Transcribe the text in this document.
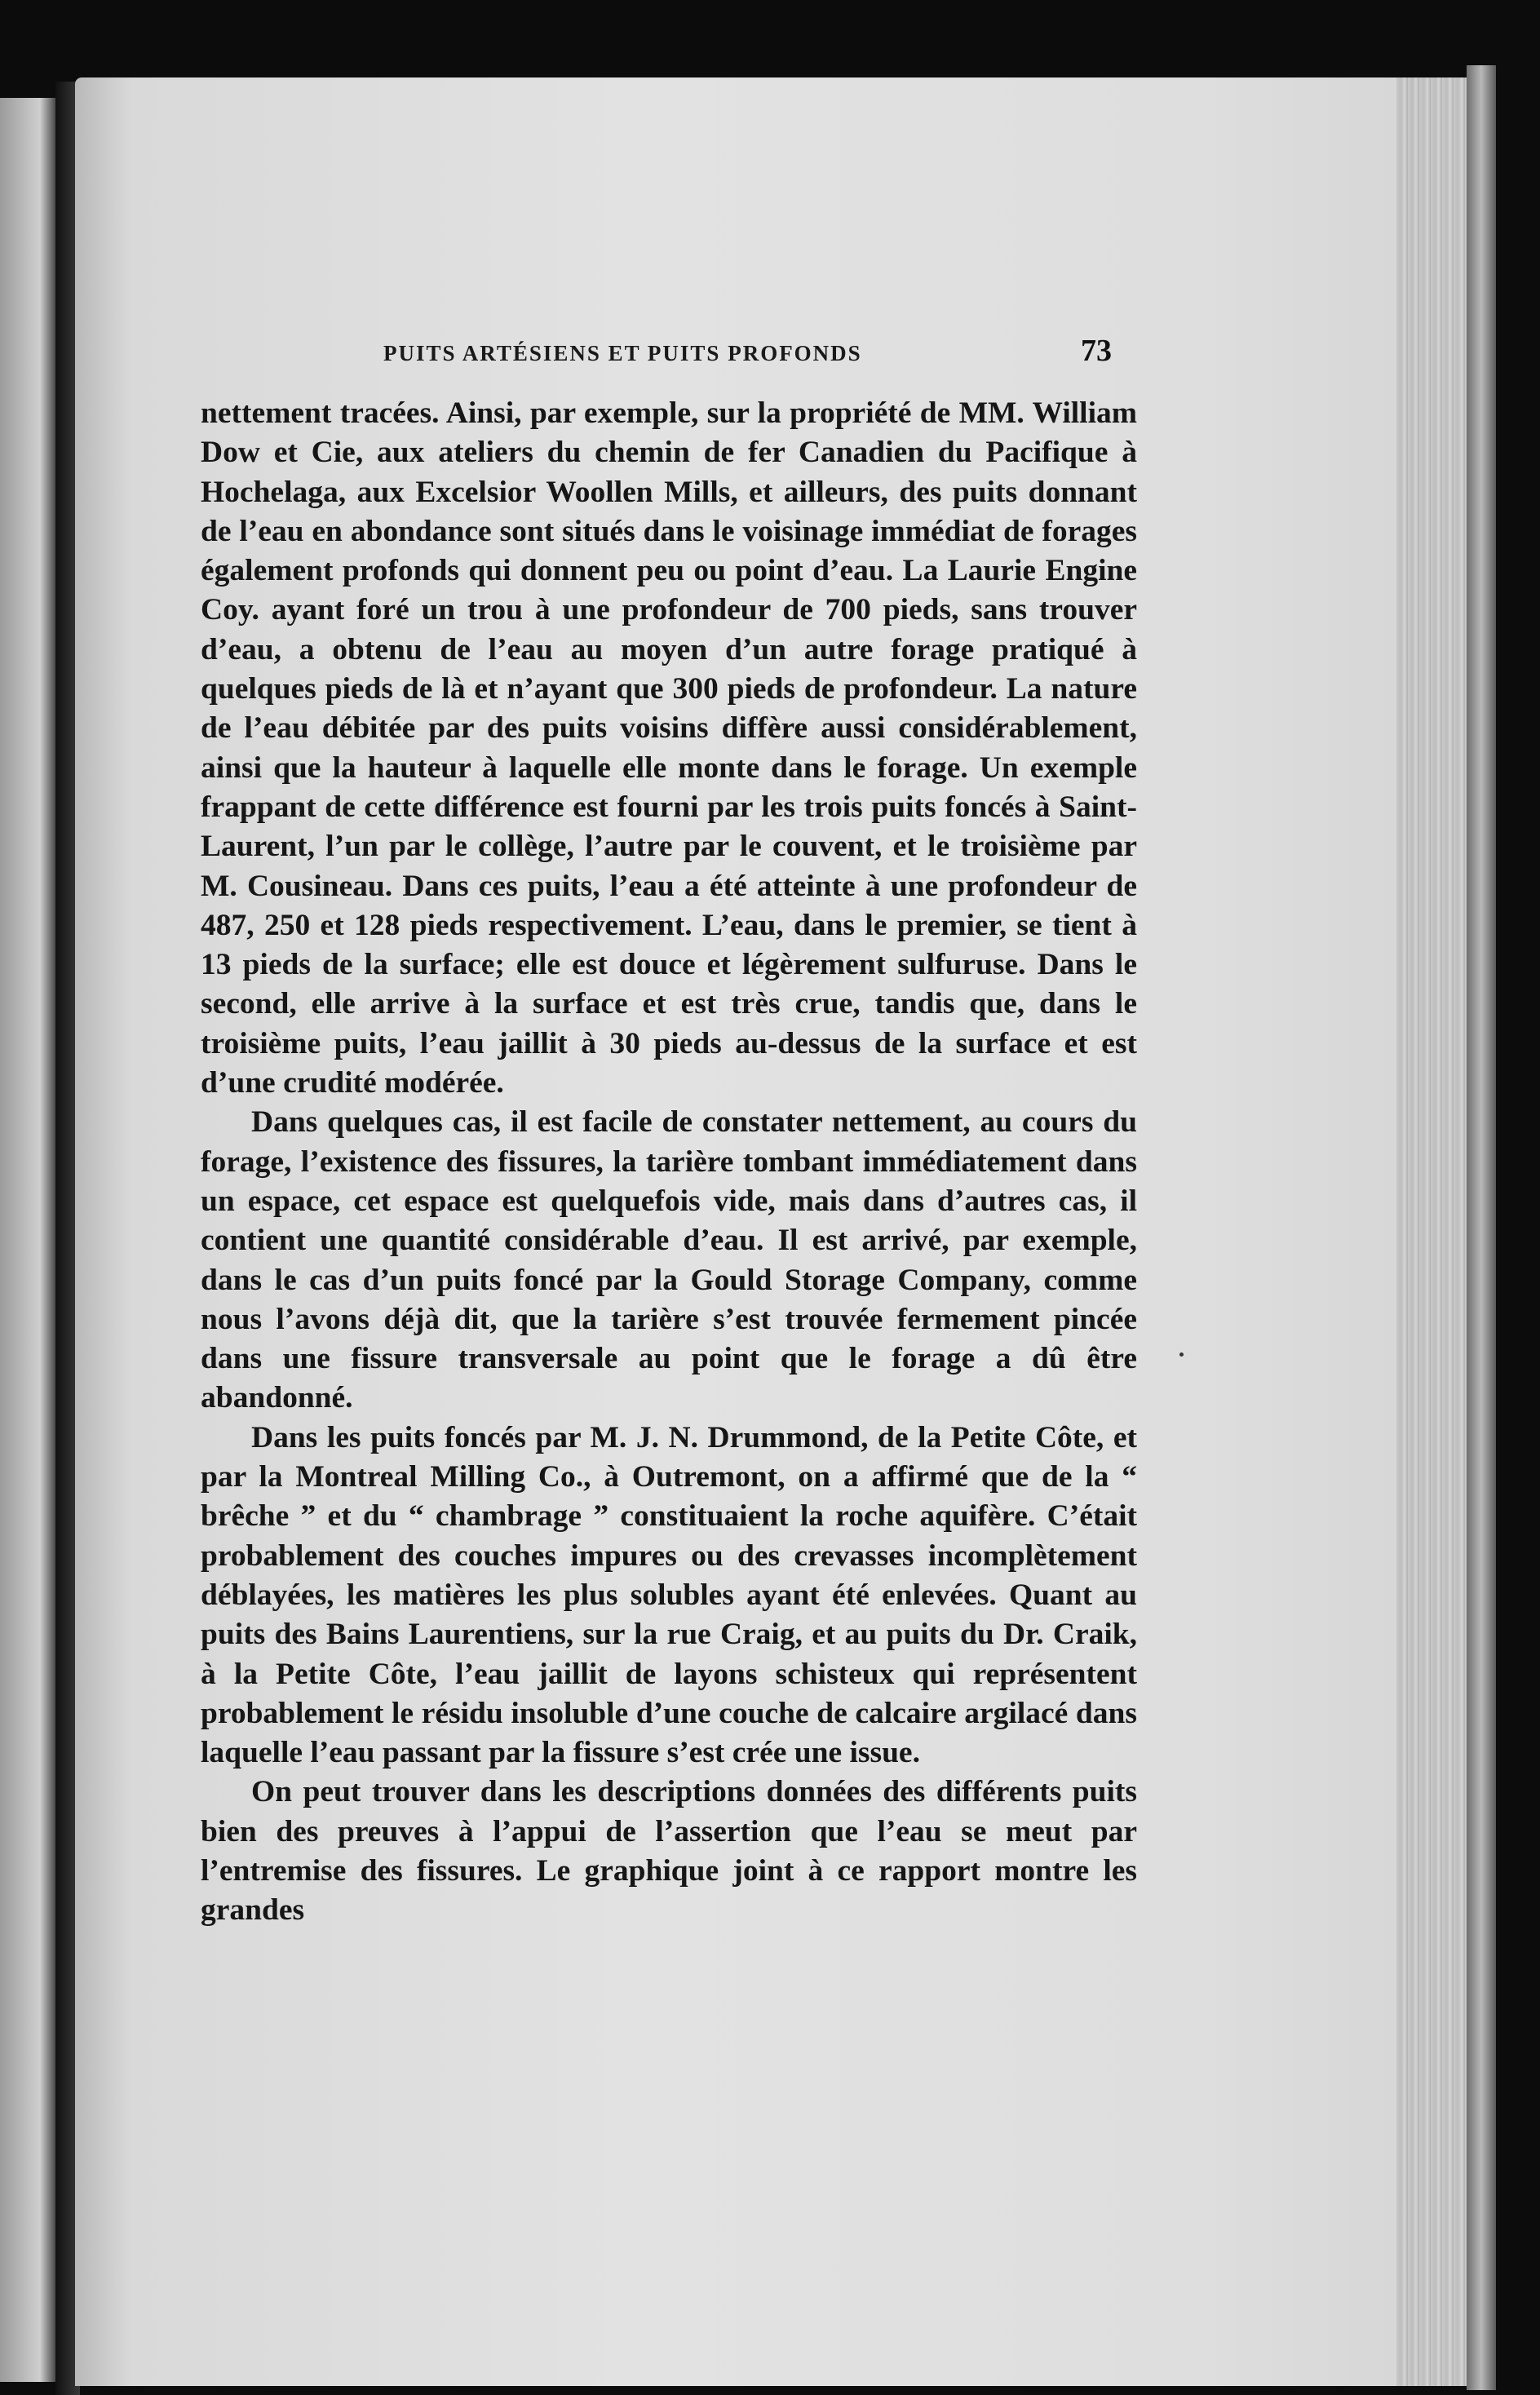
PUITS ARTÉSIENS ET PUITS PROFONDS	73

nettement tracées. Ainsi, par exemple, sur la propriété de MM. William Dow et Cie, aux ateliers du chemin de fer Canadien du Pacifique à Hochelaga, aux Excelsior Woollen Mills, et ailleurs, des puits donnant de l’eau en abondance sont situés dans le voisinage immédiat de forages également profonds qui donnent peu ou point d’eau. La Laurie Engine Coy. ayant foré un trou à une profondeur de 700 pieds, sans trouver d’eau, a obtenu de l’eau au moyen d’un autre forage pratiqué à quelques pieds de là et n’ayant que 300 pieds de profondeur. La nature de l’eau débitée par des puits voisins diffère aussi considérablement, ainsi que la hauteur à laquelle elle monte dans le forage. Un exemple frappant de cette différence est fourni par les trois puits foncés à Saint-Laurent, l’un par le collège, l’autre par le couvent, et le troisième par M. Cousineau. Dans ces puits, l’eau a été atteinte à une profondeur de 487, 250 et 128 pieds respectivement. L’eau, dans le premier, se tient à 13 pieds de la surface; elle est douce et légèrement sulfuruse. Dans le second, elle arrive à la surface et est très crue, tandis que, dans le troisième puits, l’eau jaillit à 30 pieds au-dessus de la surface et est d’une crudité modérée.

Dans quelques cas, il est facile de constater nettement, au cours du forage, l’existence des fissures, la tarière tombant immédiatement dans un espace, cet espace est quelquefois vide, mais dans d’autres cas, il contient une quantité considérable d’eau. Il est arrivé, par exemple, dans le cas d’un puits foncé par la Gould Storage Company, comme nous l’avons déjà dit, que la tarière s’est trouvée fermement pincée dans une fissure transversale au point que le forage a dû être abandonné.

Dans les puits foncés par M. J. N. Drummond, de la Petite Côte, et par la Montreal Milling Co., à Outremont, on a affirmé que de la “ brêche ” et du “ chambrage ” constituaient la roche aquifère. C’était probablement des couches impures ou des crevasses incomplètement déblayées, les matières les plus solubles ayant été enlevées. Quant au puits des Bains Laurentiens, sur la rue Craig, et au puits du Dr. Craik, à la Petite Côte, l’eau jaillit de layons schisteux qui représentent probablement le résidu insoluble d’une couche de calcaire argilacé dans laquelle l’eau passant par la fissure s’est crée une issue.

On peut trouver dans les descriptions données des différents puits bien des preuves à l’appui de l’assertion que l’eau se meut par l’entremise des fissures. Le graphique joint à ce rapport montre les grandes
